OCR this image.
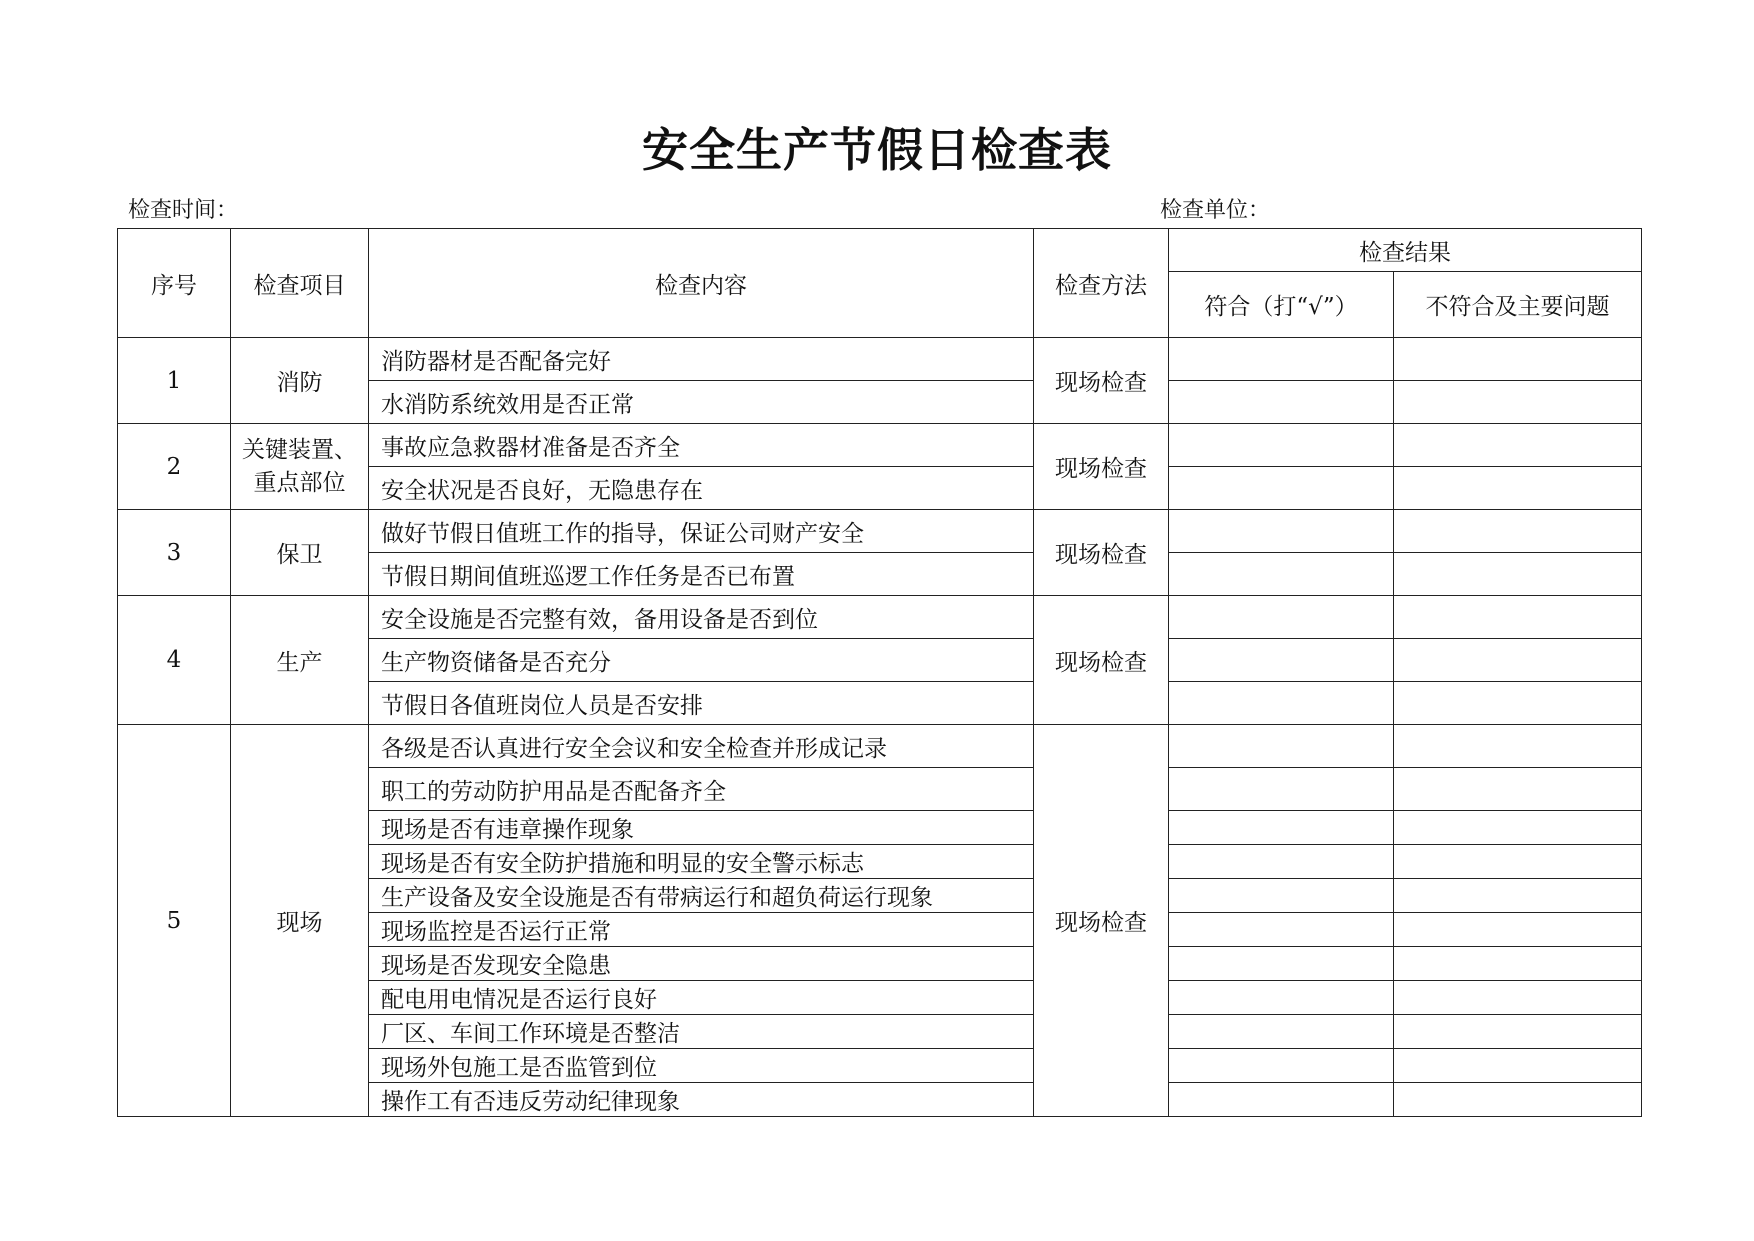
安全生产节假日检查表
检查时间：	检查单位：
序号	检查项目	检查内容	检查方法	检查结果	
				符合（打“√”）	不符合及主要问题
1	消防	消防器材是否配备完好	现场检查		
		水消防系统效用是否正常			
2	关键装置、重点部位	事故应急救器材准备是否齐全	现场检查		
		安全状况是否良好，无隐患存在			
3	保卫	做好节假日值班工作的指导，保证公司财产安全	现场检查		
		节假日期间值班巡逻工作任务是否已布置			
4	生产	安全设施是否完整有效，备用设备是否到位	现场检查		
		生产物资储备是否充分			
		节假日各值班岗位人员是否安排			
5	现场	各级是否认真进行安全会议和安全检查并形成记录	现场检查		
		职工的劳动防护用品是否配备齐全			
		现场是否有违章操作现象			
		现场是否有安全防护措施和明显的安全警示标志			
		生产设备及安全设施是否有带病运行和超负荷运行现象			
		现场监控是否运行正常			
		现场是否发现安全隐患			
		配电用电情况是否运行良好			
		厂区、车间工作环境是否整洁			
		现场外包施工是否监管到位			
		操作工有否违反劳动纪律现象			
